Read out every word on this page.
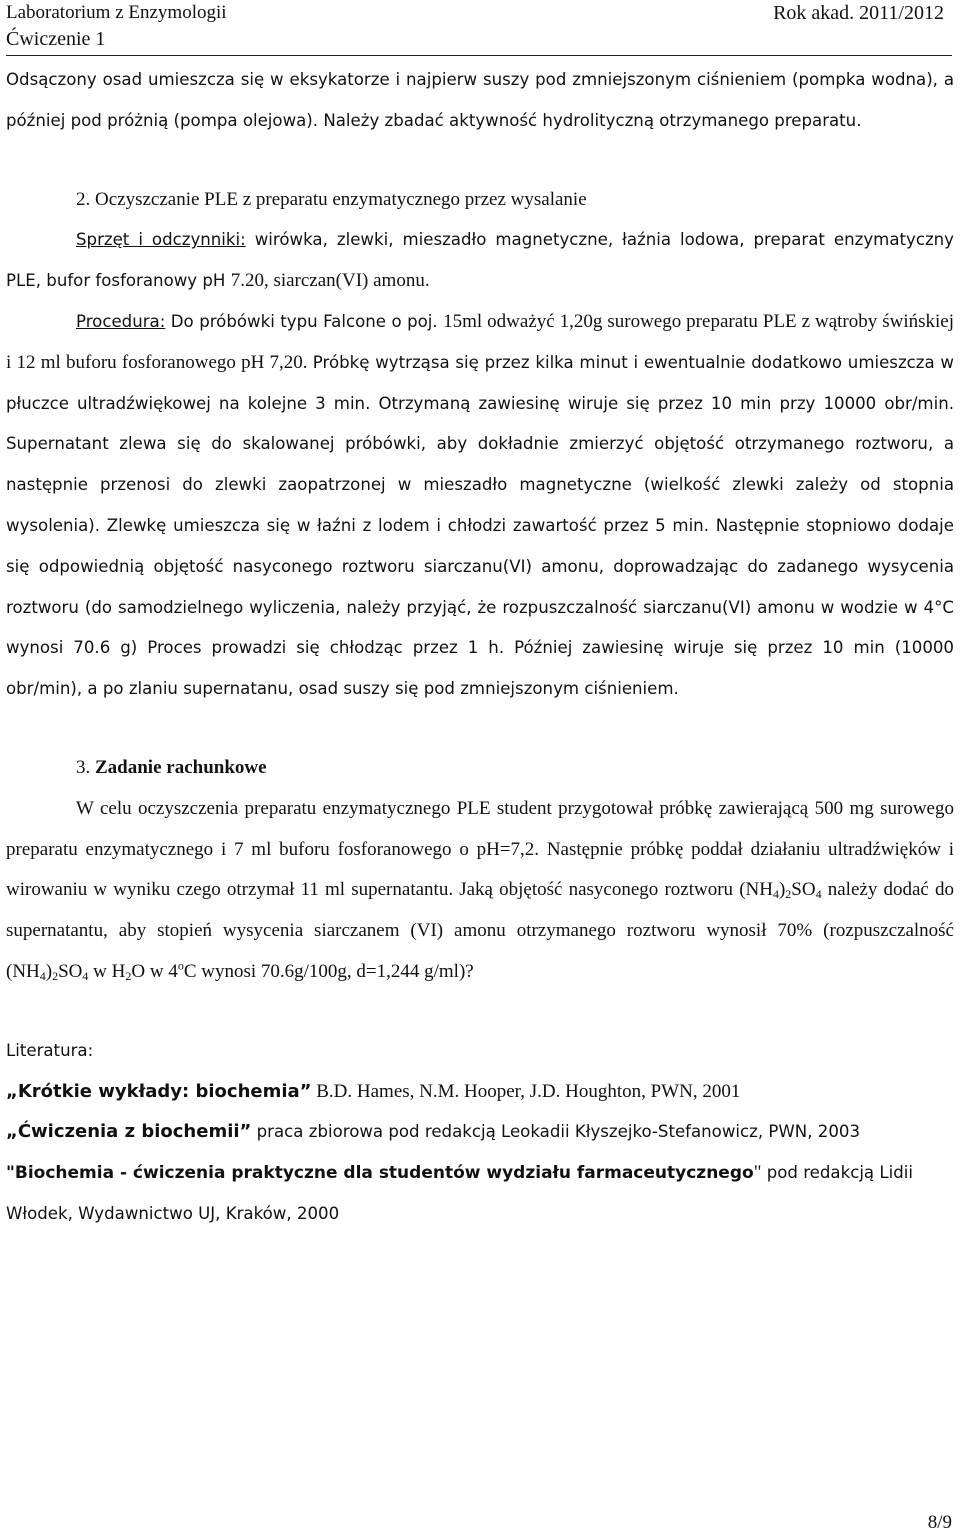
Laboratorium z Enzymologii	Rok akad. 2011/2012
Ćwiczenie 1

Odsączony osad umieszcza się w eksykatorze i najpierw suszy pod zmniejszonym ciśnieniem (pompka wodna), a później pod próżnią (pompa olejowa). Należy zbadać aktywność hydrolityczną otrzymanego preparatu.

2. Oczyszczanie PLE z preparatu enzymatycznego przez wysalanie

Sprzęt i odczynniki: wirówka, zlewki, mieszadło magnetyczne, łaźnia lodowa, preparat enzymatyczny PLE, bufor fosforanowy pH 7.20, siarczan(VI) amonu.

Procedura: Do próbówki typu Falcone o poj. 15ml odważyć 1,20g surowego preparatu PLE z wątroby świńskiej i 12 ml buforu fosforanowego pH 7,20. Próbkę wytrząsa się przez kilka minut i ewentualnie dodatkowo umieszcza w płuczce ultradźwiękowej na kolejne 3 min. Otrzymaną zawiesinę wiruje się przez 10 min przy 10000 obr/min. Supernatant zlewa się do skalowanej próbówki, aby dokładnie zmierzyć objętość otrzymanego roztworu, a następnie przenosi do zlewki zaopatrzonej w mieszadło magnetyczne (wielkość zlewki zależy od stopnia wysolenia). Zlewkę umieszcza się w łaźni z lodem i chłodzi zawartość przez 5 min. Następnie stopniowo dodaje się odpowiednią objętość nasyconego roztworu siarczanu(VI) amonu, doprowadzając do zadanego wysycenia roztworu (do samodzielnego wyliczenia, należy przyjąć, że rozpuszczalność siarczanu(VI) amonu w wodzie w 4°C wynosi 70.6 g) Proces prowadzi się chłodząc przez 1 h. Później zawiesinę wiruje się przez 10 min (10000 obr/min), a po zlaniu supernatanu, osad suszy się pod zmniejszonym ciśnieniem.

3. Zadanie rachunkowe

W celu oczyszczenia preparatu enzymatycznego PLE student przygotował próbkę zawierającą 500 mg surowego preparatu enzymatycznego i 7 ml buforu fosforanowego o pH=7,2. Następnie próbkę poddał działaniu ultradźwięków i wirowaniu w wyniku czego otrzymał 11 ml supernatantu. Jaką objętość nasyconego roztworu $(NH_4)_2SO_4$ należy dodać do supernatantu, aby stopień wysycenia siarczanem (VI) amonu otrzymanego roztworu wynosił 70% (rozpuszczalność $(NH_4)_2SO_4$ w $H_2O$ w 4$^o$C wynosi 70.6g/100g, d=1,244 g/ml)?

Literatura:

„Krótkie wykłady: biochemia” B.D. Hames, N.M. Hooper, J.D. Houghton, PWN, 2001

„Ćwiczenia z biochemii” praca zbiorowa pod redakcją Leokadii Kłyszejko-Stefanowicz, PWN, 2003

"Biochemia - ćwiczenia praktyczne dla studentów wydziału farmaceutycznego" pod redakcją Lidii Włodek, Wydawnictwo UJ, Kraków, 2000

8/9
